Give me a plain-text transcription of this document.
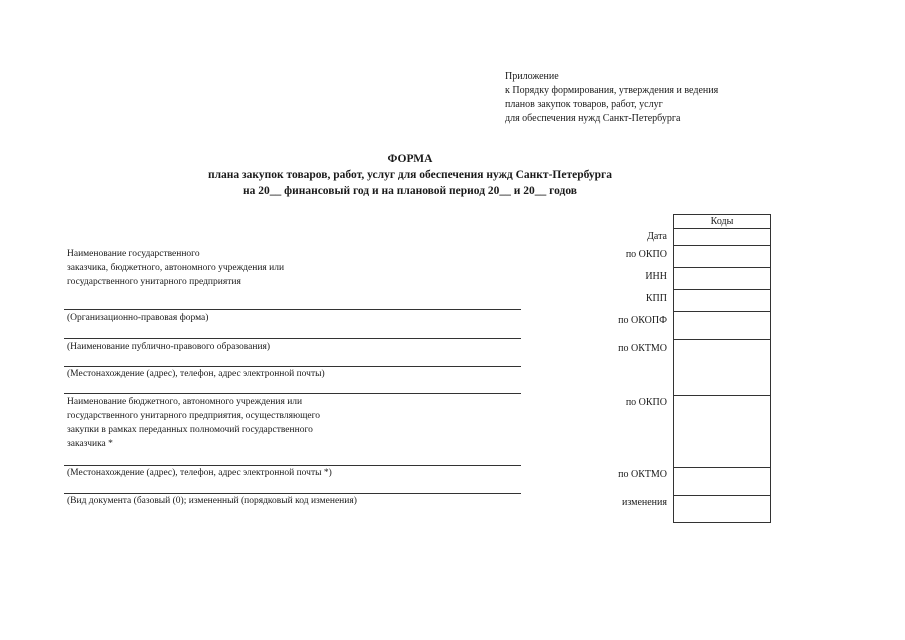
Приложение
к Порядку формирования, утверждения и ведения
планов закупок товаров, работ, услуг
для обеспечения нужд Санкт-Петербурга
ФОРМА
плана закупок товаров, работ, услуг для обеспечения нужд Санкт-Петербурга
на 20__ финансовый год и на плановой период 20__ и 20__ годов
Наименование государственного
заказчика, бюджетного, автономного учреждения или
государственного унитарного предприятия
(Организационно-правовая форма)
(Наименование публично-правового образования)
(Местонахождение (адрес), телефон, адрес электронной почты)
Наименование бюджетного, автономного учреждения или
государственного унитарного предприятия, осуществляющего
закупки в рамках переданных полномочий государственного
заказчика *
(Местонахождение (адрес), телефон, адрес электронной почты *)
(Вид документа (базовый (0); измененный (порядковый код изменения)
Дата
по ОКПО
ИНН
КПП
по ОКОПФ
по ОКТМО
по ОКПО
по ОКТМО
изменения
Коды
